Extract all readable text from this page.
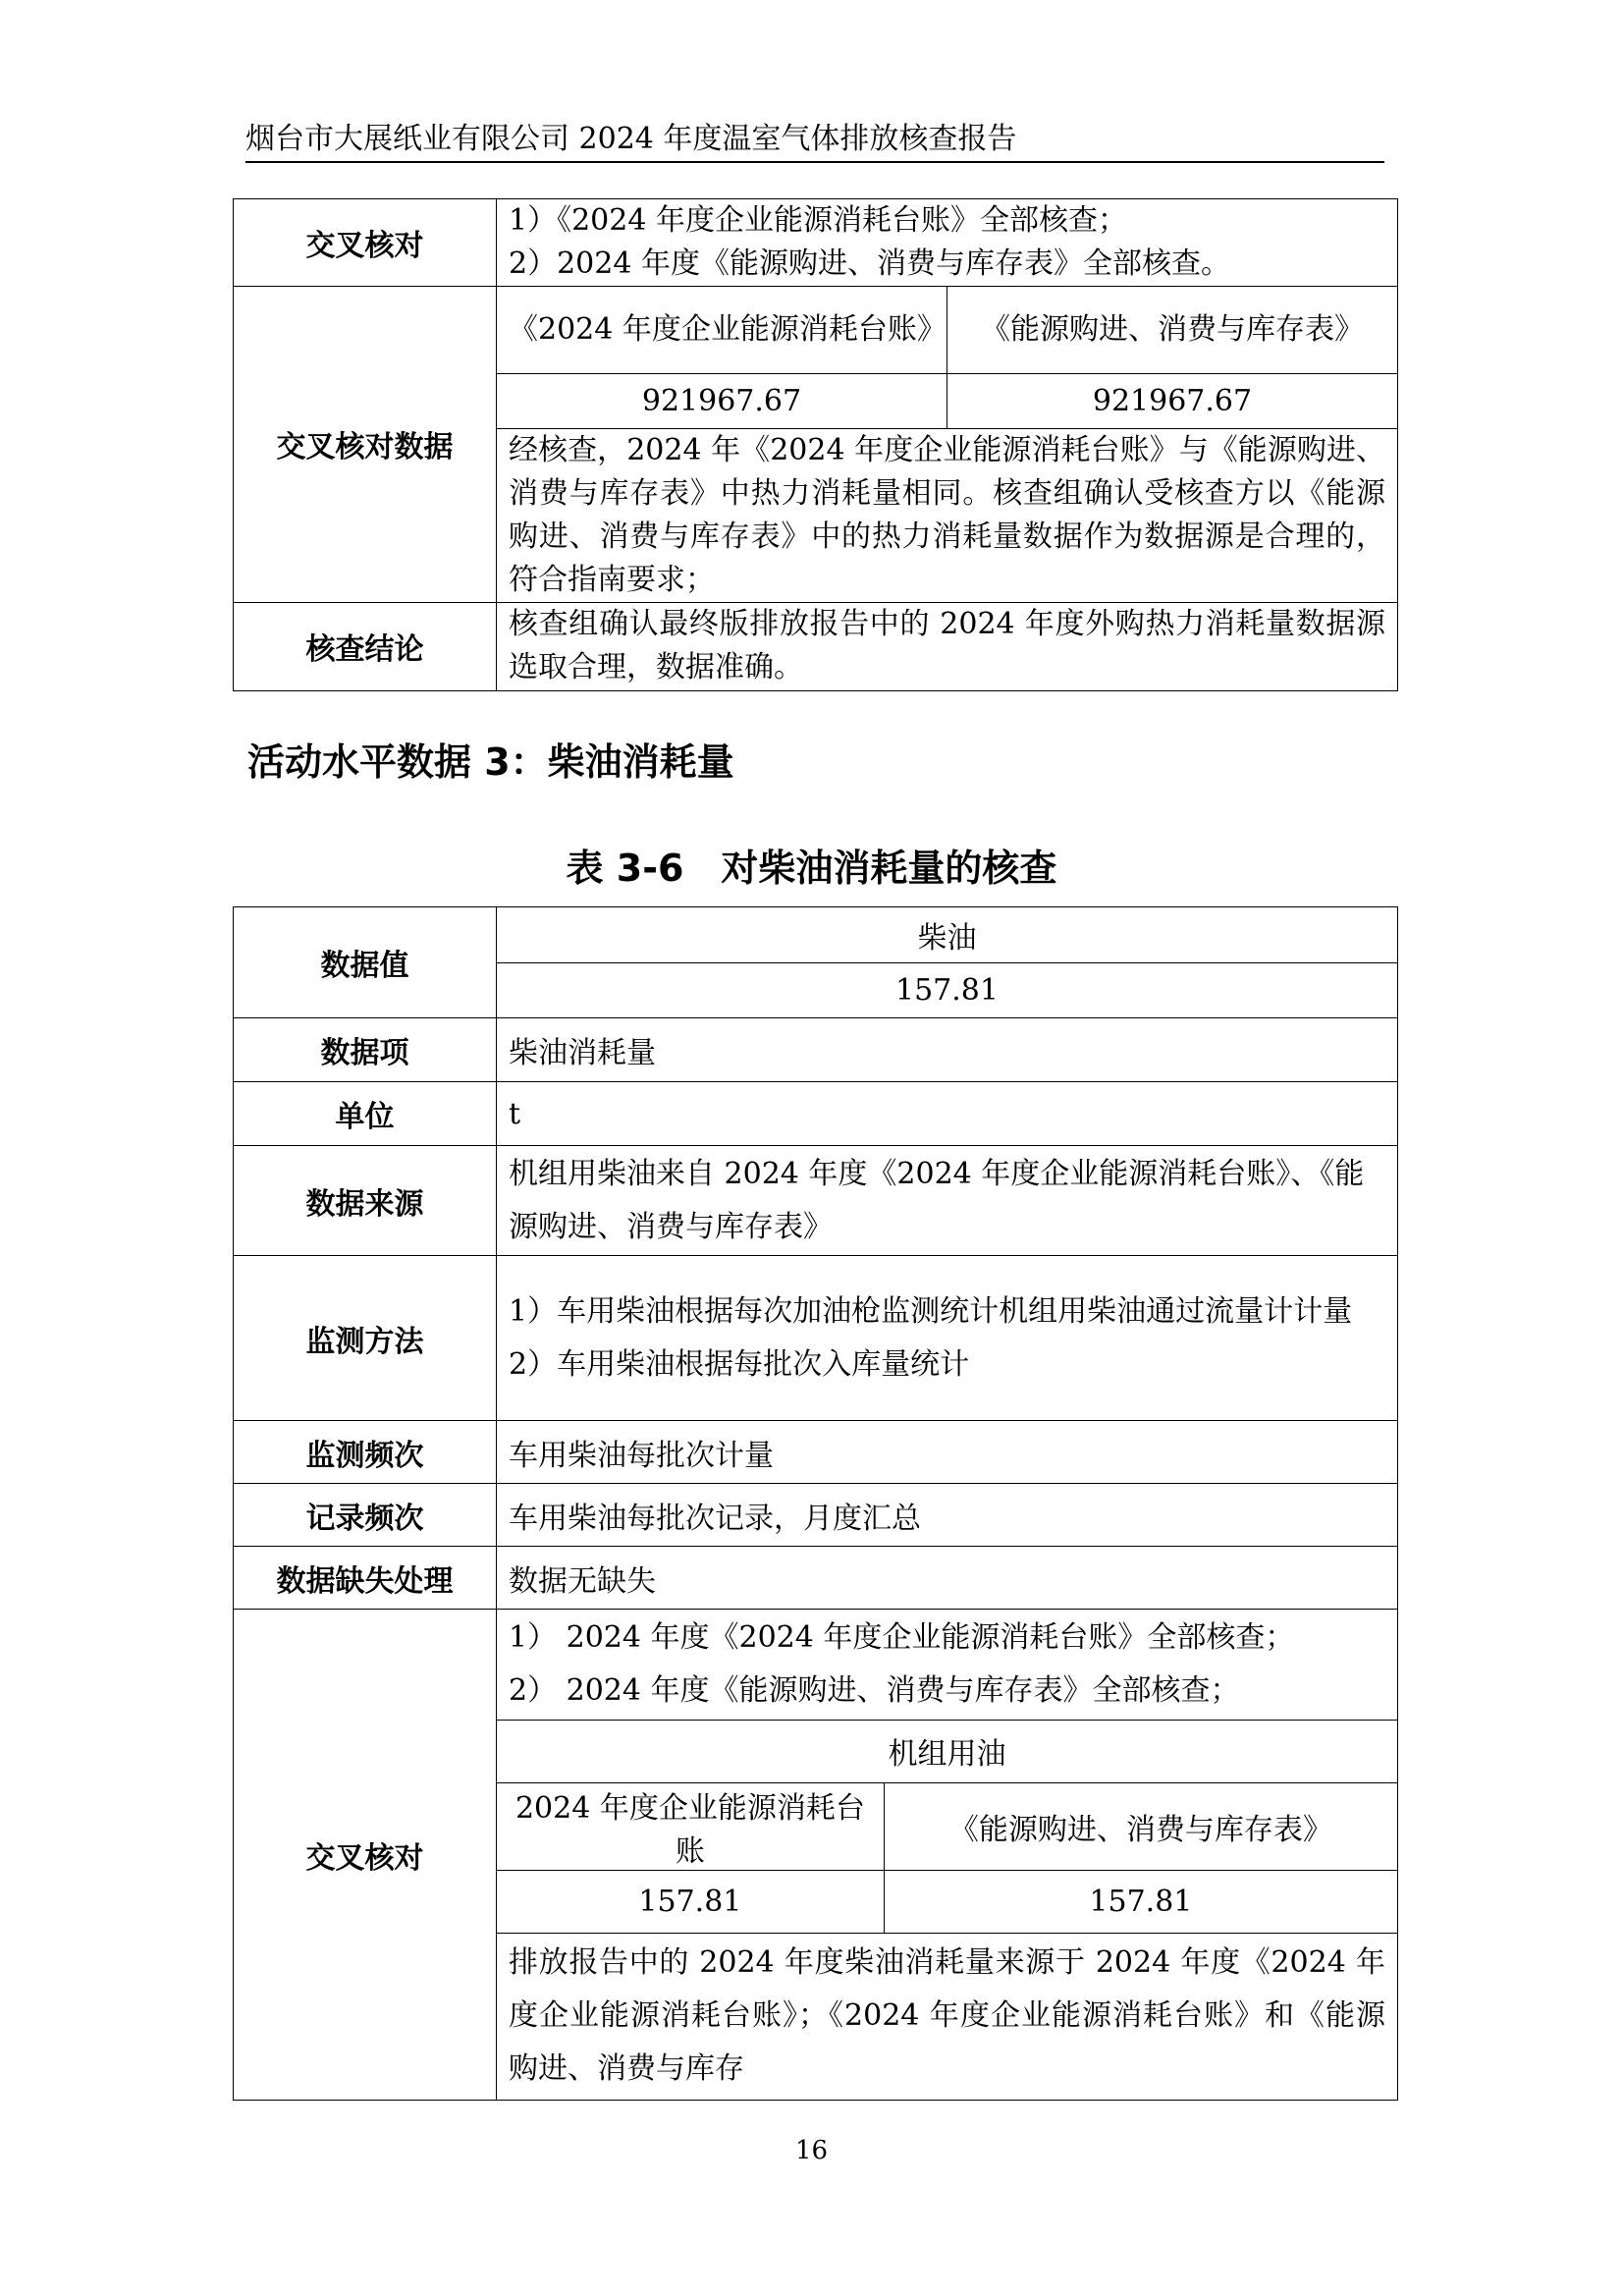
烟台市大展纸业有限公司 2024 年度温室气体排放核查报告
交叉核对	
1）《2024 年度企业能源消耗台账》全部核查；
2）2024 年度《能源购进、消费与库存表》全部核查。

交叉核对数据	
《2024 年度企业能源消耗台账》	《能源购进、消费与库存表》
921967.67	921967.67
经核查，2024 年《2024 年度企业能源消耗台账》与《能源购进、消费与库存表》中热力消耗量相同。核查组确认受核查方以《能源购进、消费与库存表》中的热力消耗量数据作为数据源是合理的，符合指南要求；

核查结论	核查组确认最终版排放报告中的 2024 年度外购热力消耗量数据源选取合理，数据准确。
活动水平数据 3：柴油消耗量
表 3-6　对柴油消耗量的核查
数据值	
柴油
157.81

数据项	柴油消耗量
单位	t
数据来源	机组用柴油来自 2024 年度《2024 年度企业能源消耗台账》、《能源购进、消费与库存表》
监测方法	
1）车用柴油根据每次加油枪监测统计机组用柴油通过流量计计量
2）车用柴油根据每批次入库量统计

监测频次	车用柴油每批次计量
记录频次	车用柴油每批次记录，月度汇总
数据缺失处理	数据无缺失
交叉核对	
1） 2024 年度《2024 年度企业能源消耗台账》全部核查；
2） 2024 年度《能源购进、消费与库存表》全部核查；

机组用油
2024 年度企业能源消耗台账	《能源购进、消费与库存表》
157.81	157.81
排放报告中的 2024 年度柴油消耗量来源于 2024 年度《2024 年度企业能源消耗台账》；《2024 年度企业能源消耗台账》和《能源购进、消费与库存
16
